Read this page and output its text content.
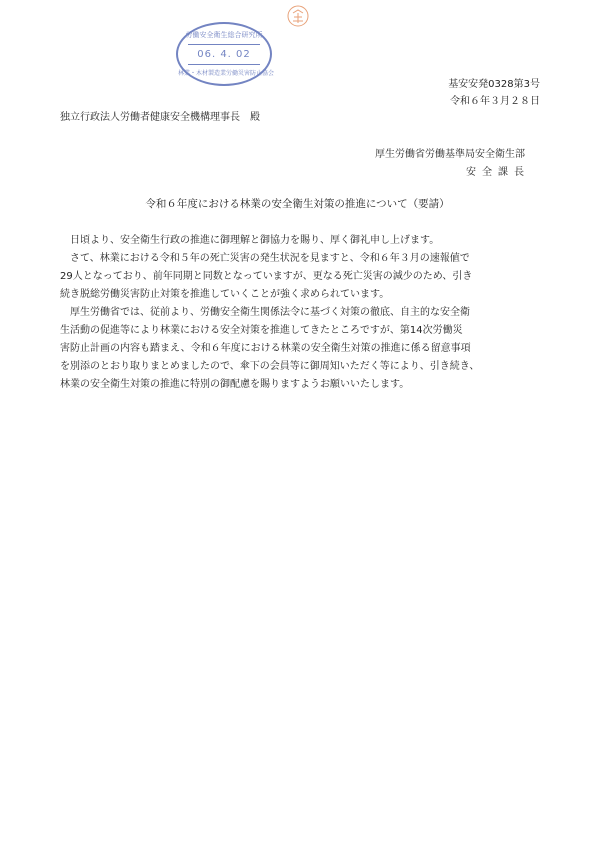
労働安全衛生総合研究所
06. 4. 02
林業・木材製造業労働災害防止協会
基安安発0328第3号
令和６年３月２８日
独立行政法人労働者健康安全機構理事長　殿
厚生労働省労働基準局安全衛生部
安全課長
令和６年度における林業の安全衛生対策の推進について（要請）

日頃より、安全衛生行政の推進に御理解と御協力を賜り、厚く御礼申し上げます。

さて、林業における令和５年の死亡災害の発生状況を見ますと、令和６年３月の速報値で
29人となっており、前年同期と同数となっていますが、更なる死亡災害の減少のため、引き
続き脱総労働災害防止対策を推進していくことが強く求められています。

厚生労働省では、従前より、労働安全衛生関係法令に基づく対策の徹底、自主的な安全衛
生活動の促進等により林業における安全対策を推進してきたところですが、第14次労働災
害防止計画の内容も踏まえ、令和６年度における林業の安全衛生対策の推進に係る留意事項
を別添のとおり取りまとめましたので、傘下の会員等に御周知いただく等により、引き続き、
林業の安全衛生対策の推進に特別の御配慮を賜りますようお願いいたします。
